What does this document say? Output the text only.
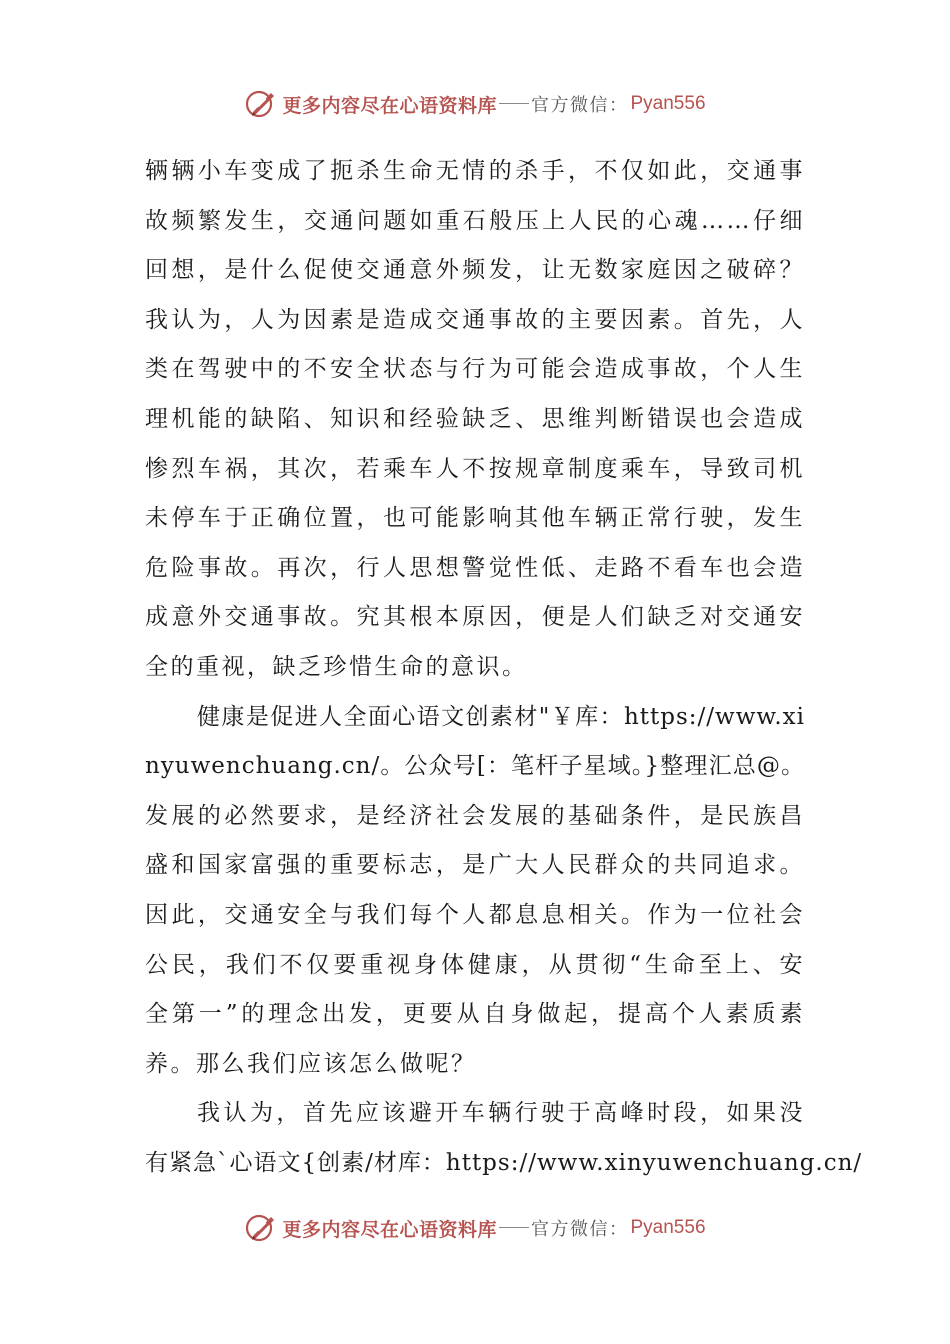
更多内容尽在心语资料库 官方微信： Pyan556
辆辆小车变成了扼杀生命无情的杀手，不仅如此，交通事
故频繁发生，交通问题如重石般压上人民的心魂……仔细
回想，是什么促使交通意外频发，让无数家庭因之破碎？
我认为，人为因素是造成交通事故的主要因素。首先，人
类在驾驶中的不安全状态与行为可能会造成事故，个人生
理机能的缺陷、知识和经验缺乏、思维判断错误也会造成
惨烈车祸，其次，若乘车人不按规章制度乘车，导致司机
未停车于正确位置，也可能影响其他车辆正常行驶，发生
危险事故。再次，行人思想警觉性低、走路不看车也会造
成意外交通事故。究其根本原因，便是人们缺乏对交通安
全的重视，缺乏珍惜生命的意识。
健康是促进人全面心语文创素材"￥库：https://www.xi
nyuwenchuang.cn/。公众号[：笔杆子星域。}整理汇总@。
发展的必然要求，是经济社会发展的基础条件，是民族昌
盛和国家富强的重要标志，是广大人民群众的共同追求。
因此，交通安全与我们每个人都息息相关。作为一位社会
公民，我们不仅要重视身体健康，从贯彻“生命至上、安
全第一”的理念出发，更要从自身做起，提高个人素质素
养。那么我们应该怎么做呢？
我认为，首先应该避开车辆行驶于高峰时段，如果没
有紧急`心语文{创素/材库：https://www.xinyuwenchuang.cn/
更多内容尽在心语资料库 官方微信： Pyan556
